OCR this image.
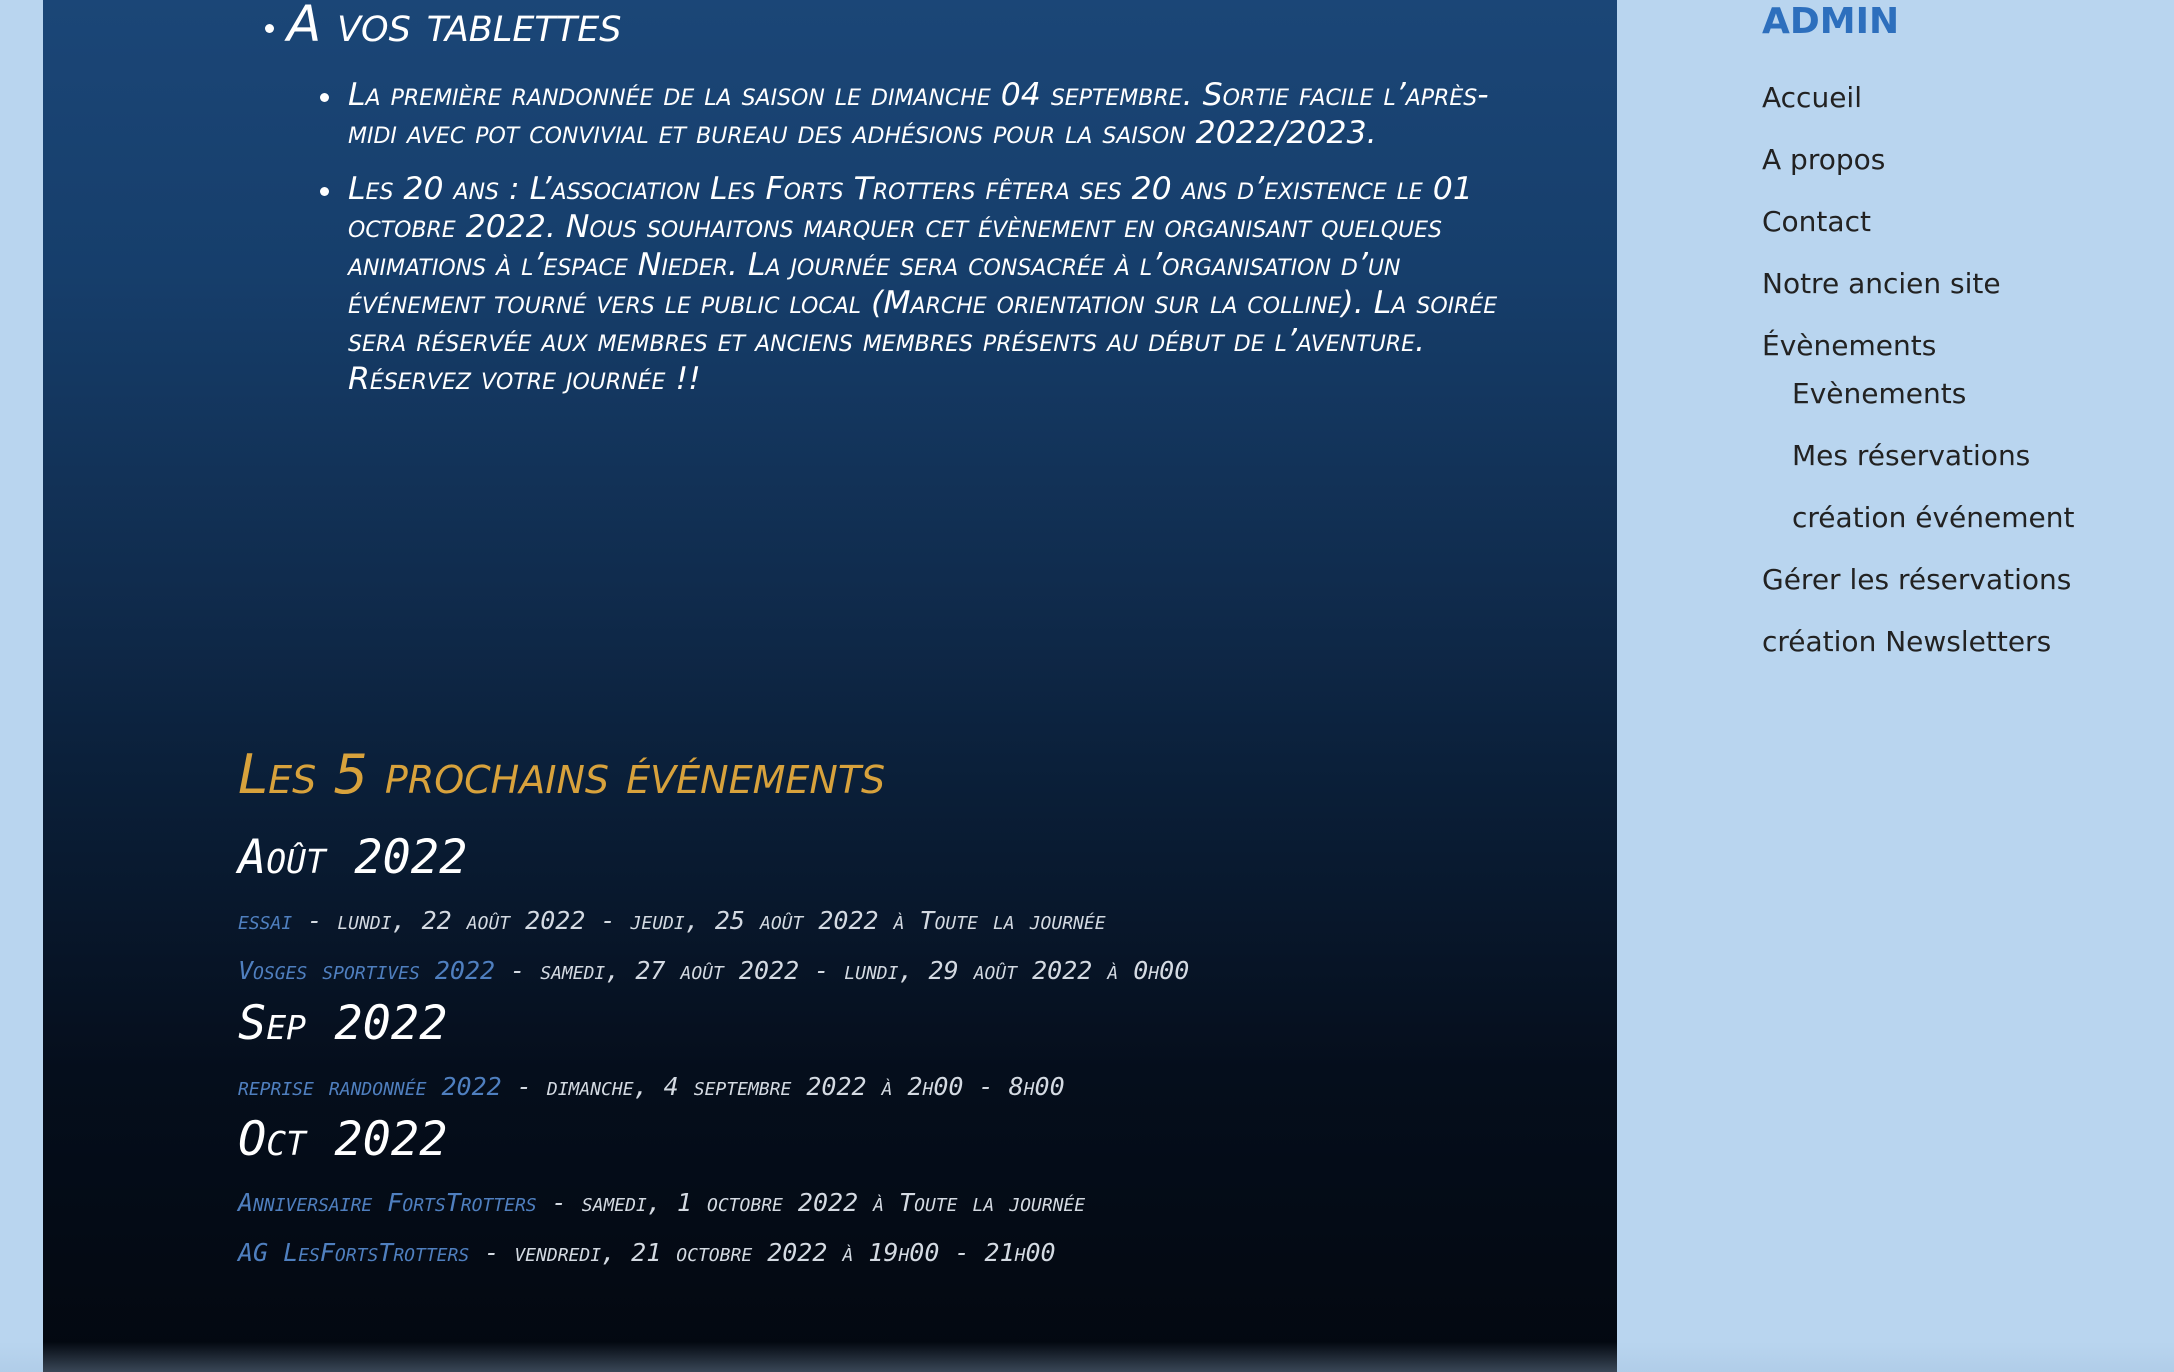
A vos tablettes
La première randonnée de la saison le dimanche 04 septembre. Sortie facile l’après- midi avec pot convivial et bureau des adhésions pour la saison 2022/2023.
Les 20 ans : L’association Les Forts Trotters fêtera ses 20 ans d’existence le 01 octobre 2022. Nous souhaitons marquer cet évènement en organisant quelques animations à l’espace Nieder. La journée sera consacrée à l’organisation d’un événement tourné vers le public local (Marche orientation sur la colline). La soirée sera réservée aux membres et anciens membres présents au début de l’aventure. Réservez votre journée !!
Les 5 prochains événements
Août 2022
essai - lundi, 22 août 2022 - jeudi, 25 août 2022 à Toute la journée
Vosges sportives 2022 - samedi, 27 août 2022 - lundi, 29 août 2022 à 0h00
Sep 2022
reprise randonnée 2022 - dimanche, 4 septembre 2022 à 2h00 - 8h00
Oct 2022
Anniversaire FortsTrotters - samedi, 1 octobre 2022 à Toute la journée
AG LesFortsTrotters - vendredi, 21 octobre 2022 à 19h00 - 21h00
ADMIN
Accueil
A propos
Contact
Notre ancien site
Évènements
Evènements
Mes réservations
création événement
Gérer les réservations
création Newsletters
